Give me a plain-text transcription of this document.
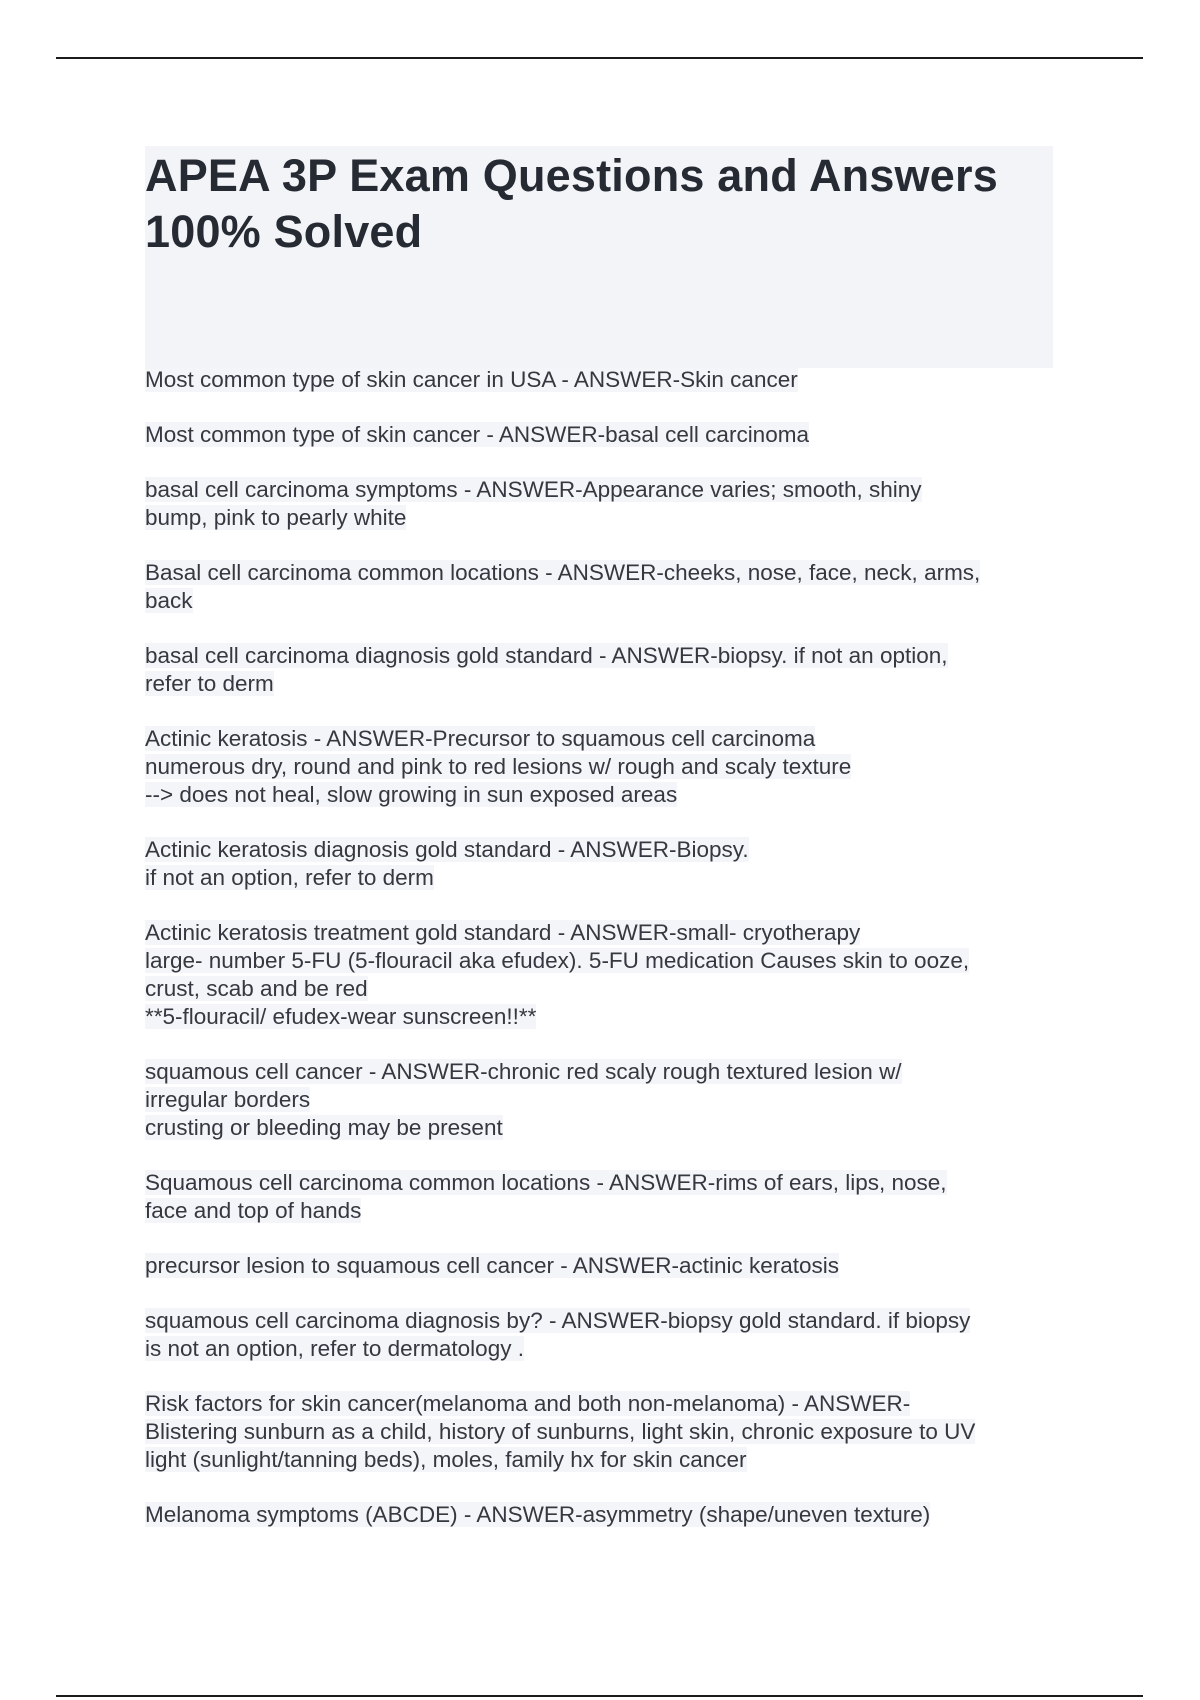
APEA 3P Exam Questions and Answers
100% Solved
Most common type of skin cancer in USA - ANSWER-Skin cancer
Most common type of skin cancer - ANSWER-basal cell carcinoma
basal cell carcinoma symptoms - ANSWER-Appearance varies; smooth, shiny
bump, pink to pearly white
Basal cell carcinoma common locations - ANSWER-cheeks, nose, face, neck, arms,
back
basal cell carcinoma diagnosis gold standard - ANSWER-biopsy. if not an option,
refer to derm
Actinic keratosis - ANSWER-Precursor to squamous cell carcinoma
numerous dry, round and pink to red lesions w/ rough and scaly texture
--> does not heal, slow growing in sun exposed areas
Actinic keratosis diagnosis gold standard - ANSWER-Biopsy.
if not an option, refer to derm
Actinic keratosis treatment gold standard - ANSWER-small- cryotherapy
large- number 5-FU (5-flouracil aka efudex). 5-FU medication Causes skin to ooze,
crust, scab and be red
**5-flouracil/ efudex-wear sunscreen!!**
squamous cell cancer - ANSWER-chronic red scaly rough textured lesion w/
irregular borders
crusting or bleeding may be present
Squamous cell carcinoma common locations - ANSWER-rims of ears, lips, nose,
face and top of hands
precursor lesion to squamous cell cancer - ANSWER-actinic keratosis
squamous cell carcinoma diagnosis by? - ANSWER-biopsy gold standard. if biopsy
is not an option, refer to dermatology .
Risk factors for skin cancer(melanoma and both non-melanoma) - ANSWER-
Blistering sunburn as a child, history of sunburns, light skin, chronic exposure to UV
light (sunlight/tanning beds), moles, family hx for skin cancer
Melanoma symptoms (ABCDE) - ANSWER-asymmetry (shape/uneven texture)
